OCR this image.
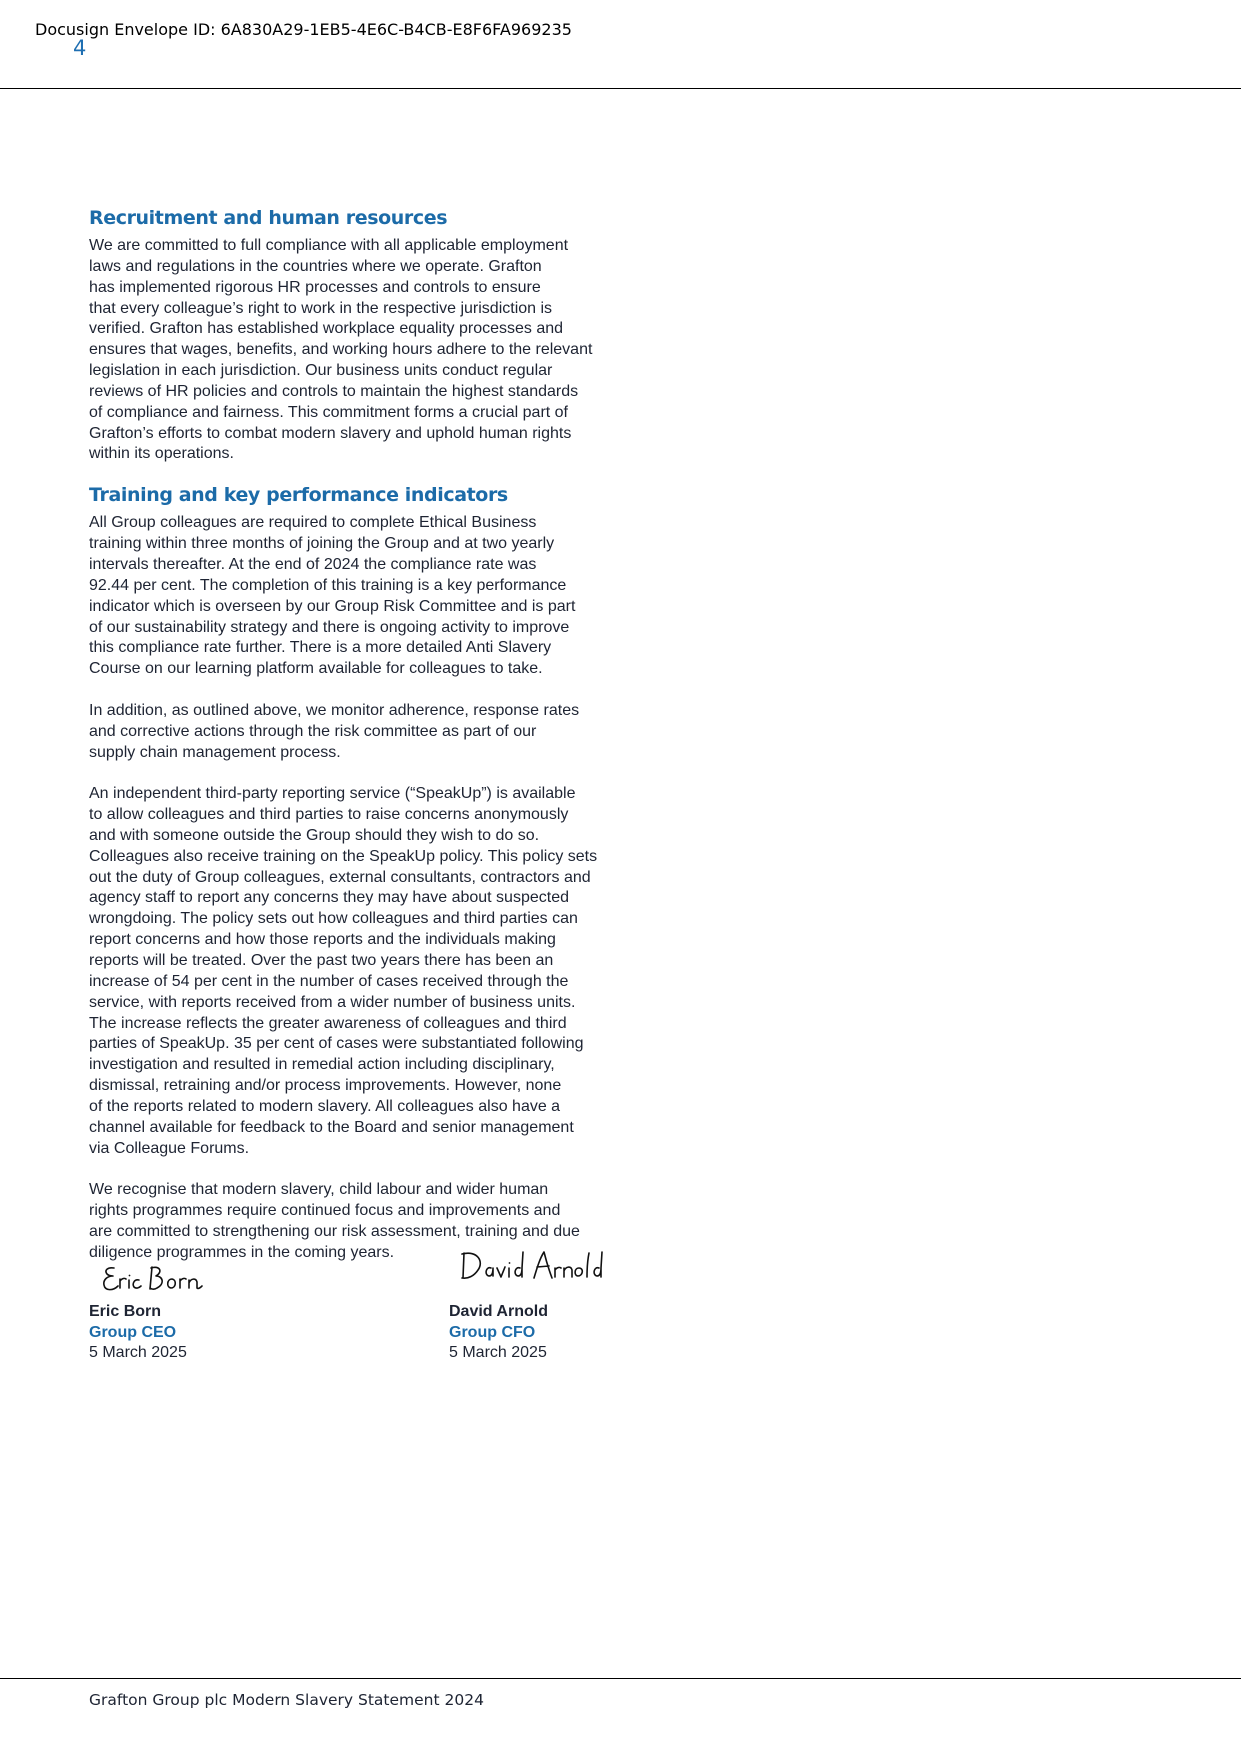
Docusign Envelope ID: 6A830A29-1EB5-4E6C-B4CB-E8F6FA969235
4
Recruitment and human resources

We are committed to full compliance with all applicable employment
laws and regulations in the countries where we operate. Grafton
has implemented rigorous HR processes and controls to ensure
that every colleague’s right to work in the respective jurisdiction is
verified. Grafton has established workplace equality processes and
ensures that wages, benefits, and working hours adhere to the relevant
legislation in each jurisdiction. Our business units conduct regular
reviews of HR policies and controls to maintain the highest standards
of compliance and fairness. This commitment forms a crucial part of
Grafton’s efforts to combat modern slavery and uphold human rights
within its operations.

Training and key performance indicators

All Group colleagues are required to complete Ethical Business
training within three months of joining the Group and at two yearly
intervals thereafter. At the end of 2024 the compliance rate was
92.44 per cent. The completion of this training is a key performance
indicator which is overseen by our Group Risk Committee and is part
of our sustainability strategy and there is ongoing activity to improve
this compliance rate further. There is a more detailed Anti Slavery
Course on our learning platform available for colleagues to take.

In addition, as outlined above, we monitor adherence, response rates
and corrective actions through the risk committee as part of our
supply chain management process.

An independent third-party reporting service (“SpeakUp”) is available
to allow colleagues and third parties to raise concerns anonymously
and with someone outside the Group should they wish to do so.
Colleagues also receive training on the SpeakUp policy. This policy sets
out the duty of Group colleagues, external consultants, contractors and
agency staff to report any concerns they may have about suspected
wrongdoing. The policy sets out how colleagues and third parties can
report concerns and how those reports and the individuals making
reports will be treated. Over the past two years there has been an
increase of 54 per cent in the number of cases received through the
service, with reports received from a wider number of business units.
The increase reflects the greater awareness of colleagues and third
parties of SpeakUp. 35 per cent of cases were substantiated following
investigation and resulted in remedial action including disciplinary,
dismissal, retraining and/or process improvements. However, none
of the reports related to modern slavery. All colleagues also have a
channel available for feedback to the Board and senior management
via Colleague Forums.

We recognise that modern slavery, child labour and wider human
rights programmes require continued focus and improvements and
are committed to strengthening our risk assessment, training and due
diligence programmes in the coming years.

Eric Born
Group CEO
5 March 2025
David Arnold
Group CFO
5 March 2025
Grafton Group plc Modern Slavery Statement 2024
